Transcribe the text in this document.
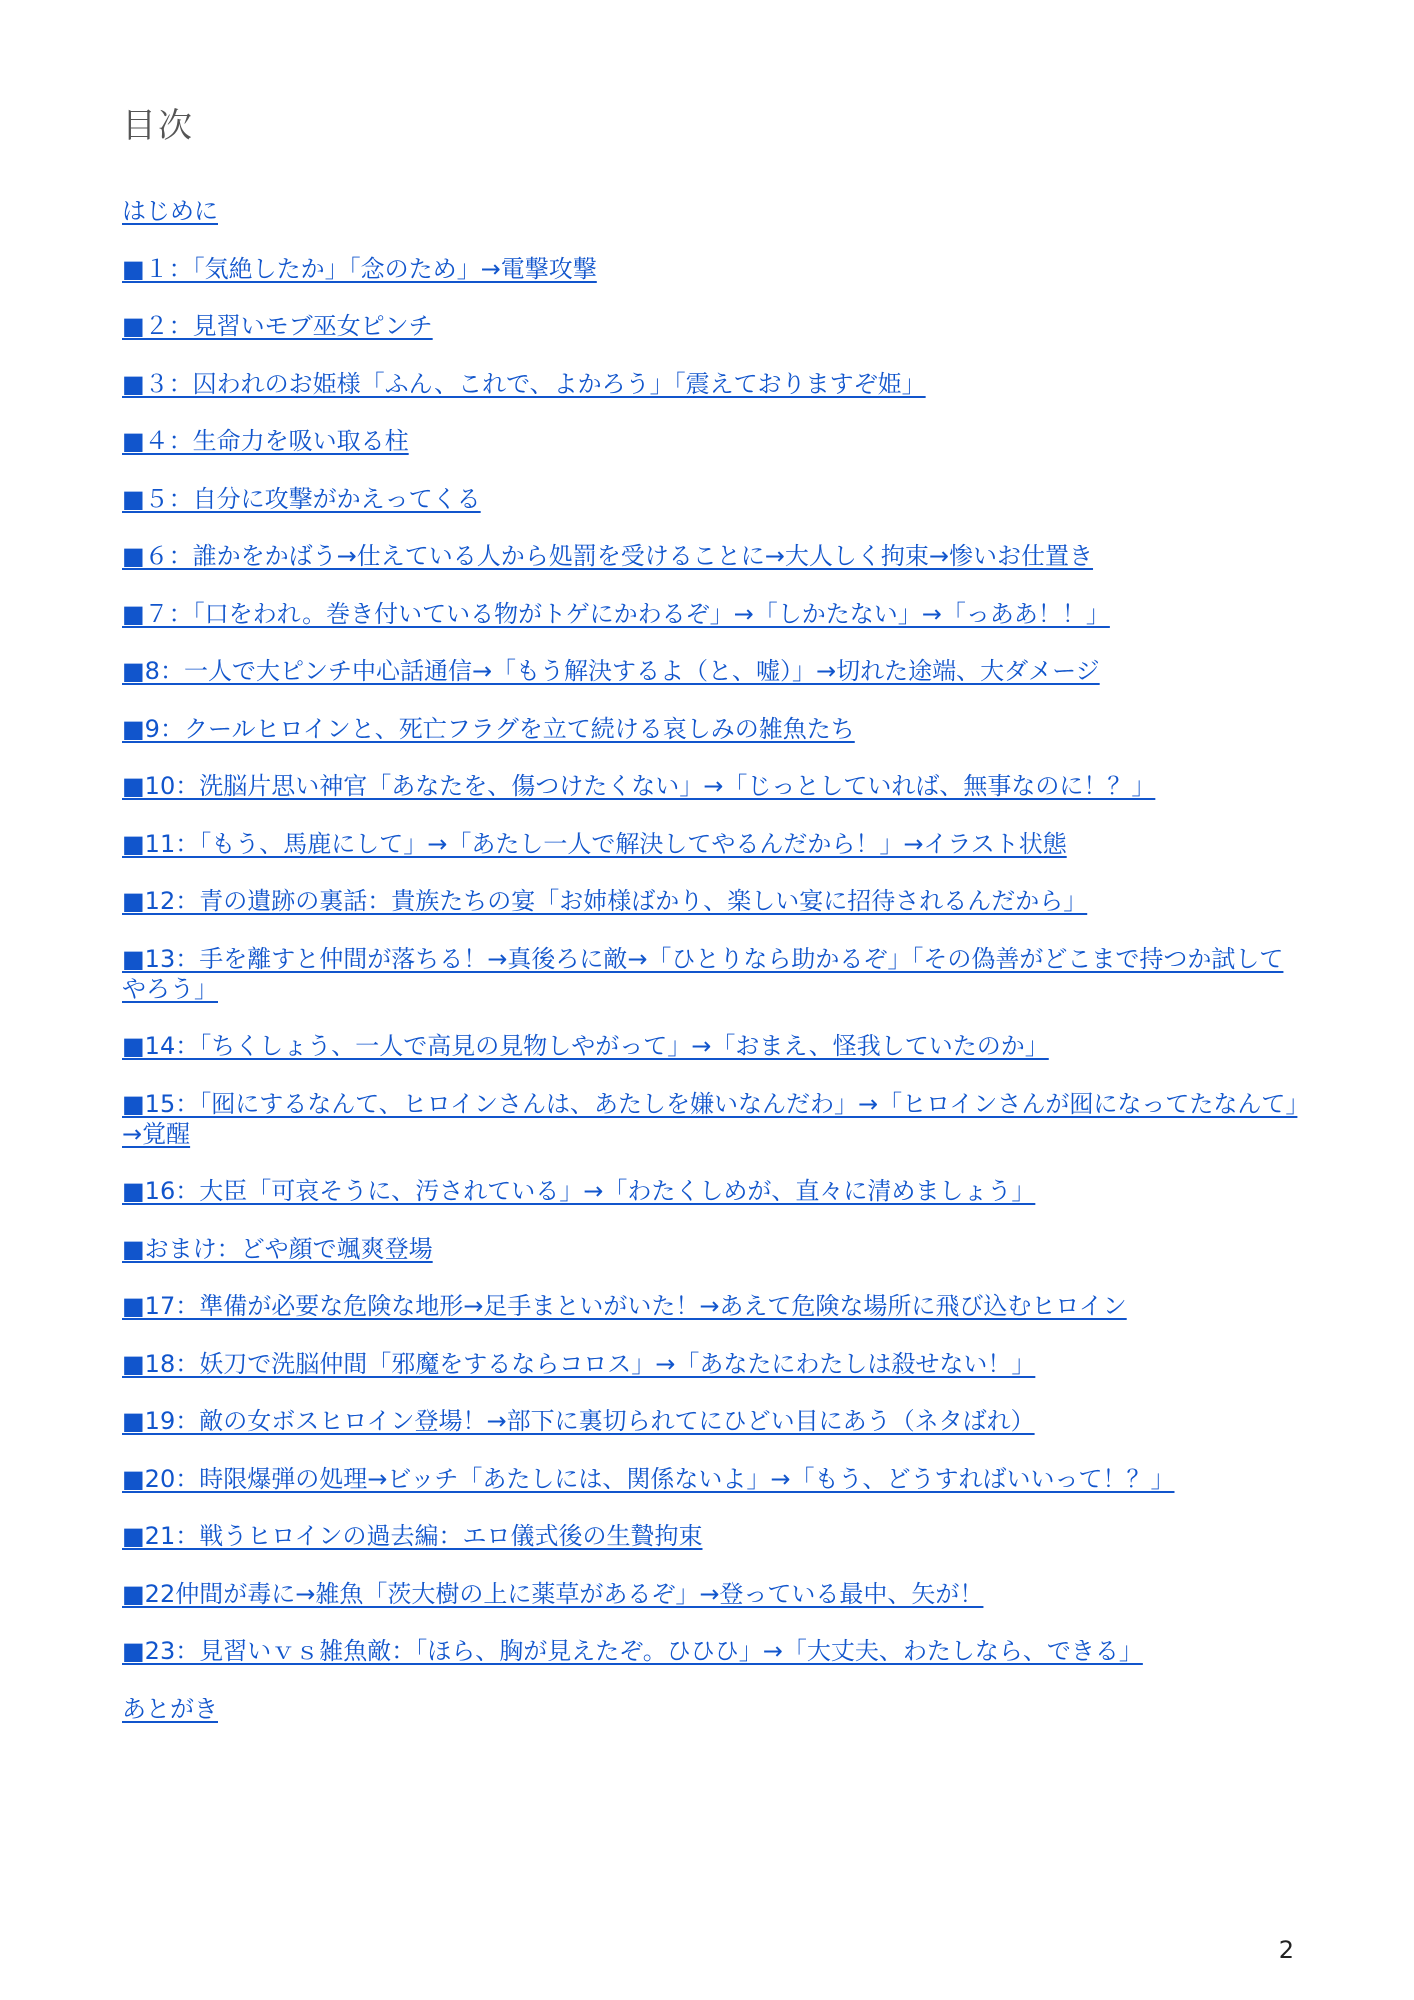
目次
はじめに
■１：「気絶したか」「念のため」→電撃攻撃
■２：見習いモブ巫女ピンチ
■３：囚われのお姫様「ふん、これで、よかろう」「震えておりますぞ姫」
■４：生命力を吸い取る柱
■５：自分に攻撃がかえってくる
■６：誰かをかばう→仕えている人から処罰を受けることに→大人しく拘束→惨いお仕置き
■７：「口をわれ。巻き付いている物がトゲにかわるぞ」→「しかたない」→「っああ！！」
■8：一人で大ピンチ中心話通信→「もう解決するよ（と、嘘）」→切れた途端、大ダメージ
■9：クールヒロインと、死亡フラグを立て続ける哀しみの雑魚たち
■10：洗脳片思い神官「あなたを、傷つけたくない」→「じっとしていれば、無事なのに！？」
■11：「もう、馬鹿にして」→「あたし一人で解決してやるんだから！」→イラスト状態
■12：青の遺跡の裏話：貴族たちの宴「お姉様ばかり、楽しい宴に招待されるんだから」
■13：手を離すと仲間が落ちる！→真後ろに敵→「ひとりなら助かるぞ」「その偽善がどこまで持つか試してやろう」
■14：「ちくしょう、一人で高見の見物しやがって」→「おまえ、怪我していたのか」
■15：「囮にするなんて、ヒロインさんは、あたしを嫌いなんだわ」→「ヒロインさんが囮になってたなんて」→覚醒
■16：大臣「可哀そうに、汚されている」→「わたくしめが、直々に清めましょう」
■おまけ：どや顔で颯爽登場
■17：準備が必要な危険な地形→足手まといがいた！→あえて危険な場所に飛び込むヒロイン
■18：妖刀で洗脳仲間「邪魔をするならコロス」→「あなたにわたしは殺せない！」
■19：敵の女ボスヒロイン登場！→部下に裏切られてにひどい目にあう（ネタばれ）
■20：時限爆弾の処理→ビッチ「あたしには、関係ないよ」→「もう、どうすればいいって！？」
■21：戦うヒロインの過去編：エロ儀式後の生贄拘束
■22仲間が毒に→雑魚「茨大樹の上に薬草があるぞ」→登っている最中、矢が！
■23：見習いｖｓ雑魚敵：「ほら、胸が見えたぞ。ひひひ」→「大丈夫、わたしなら、できる」
あとがき
2
